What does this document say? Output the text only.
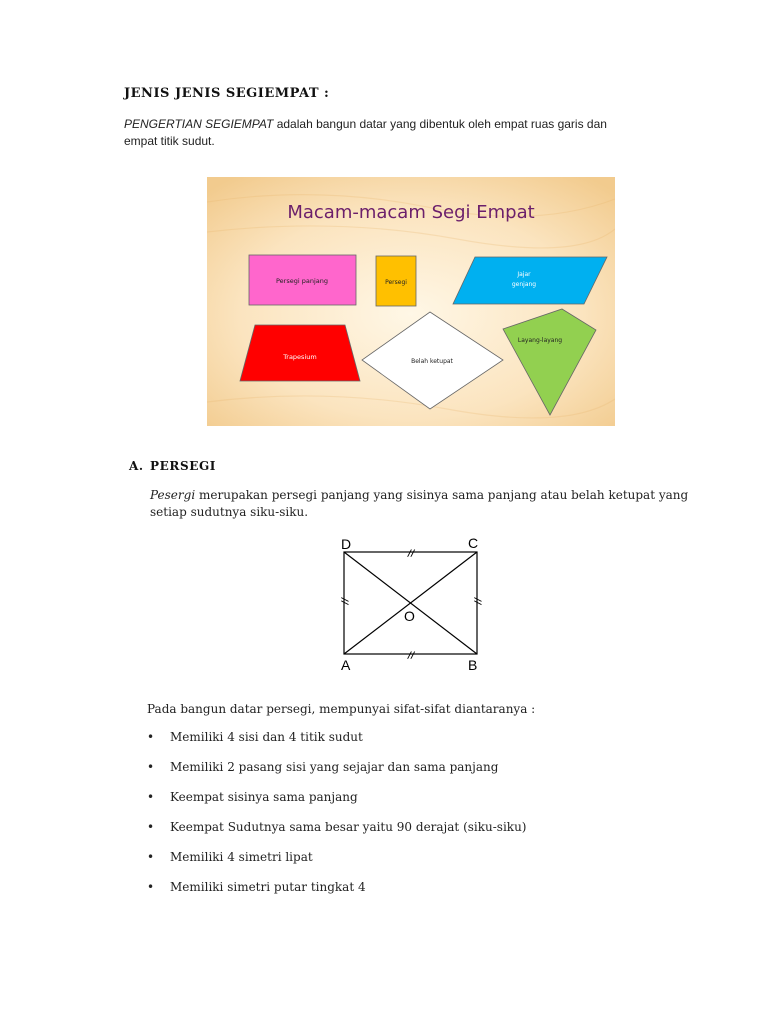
JENIS JENIS SEGIEMPAT :
PENGERTIAN SEGIEMPAT adalah bangun datar yang dibentuk oleh empat ruas garis dan
empat titik sudut.
Macam-macam Segi Empat
Persegi panjang	Persegi
Jajar
genjang
Trapesium
Belah ketupat
Layang-layang
A. PERSEGI
Pesergi merupakan persegi panjang yang sisinya sama panjang atau belah ketupat yang
setiap sudutnya siku-siku.
D	C
O
A	B
//
//
//	//
Pada bangun datar persegi, mempunyai sifat-sifat diantaranya :
•	Memiliki 4 sisi dan 4 titik sudut
•	Memiliki 2 pasang sisi yang sejajar dan sama panjang
•	Keempat sisinya sama panjang
•	Keempat Sudutnya sama besar yaitu 90 derajat (siku-siku)
•	Memiliki 4 simetri lipat
•	Memiliki simetri putar tingkat 4
